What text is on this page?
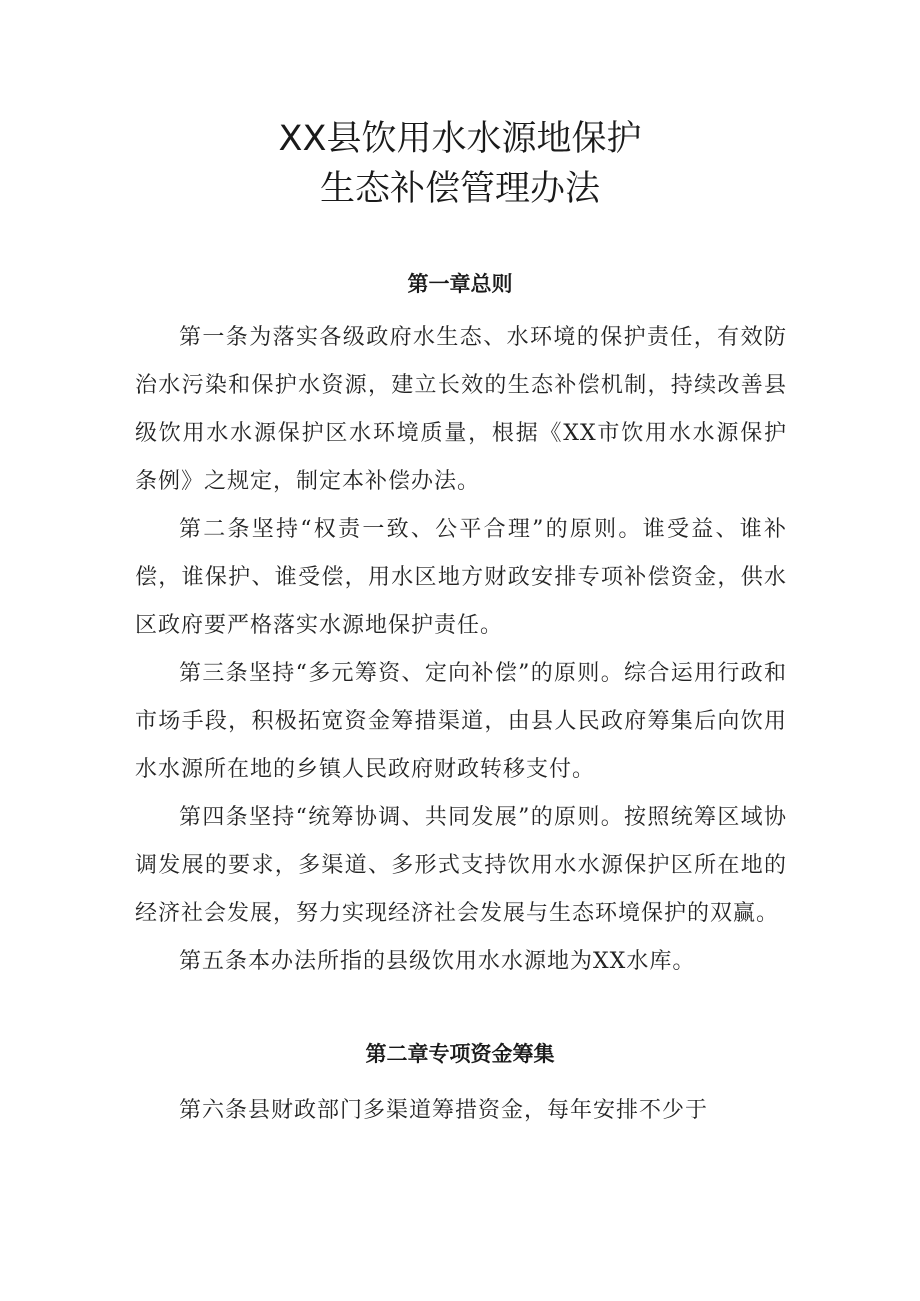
XX县饮用水水源地保护
生态补偿管理办法
第一章总则

第一条为落实各级政府水生态、水环境的保护责任，有效防治水污染和保护水资源，建立长效的生态补偿机制，持续改善县级饮用水水源保护区水环境质量，根据《XX市饮用水水源保护条例》之规定，制定本补偿办法。

第二条坚持“权责一致、公平合理”的原则。谁受益、谁补偿，谁保护、谁受偿，用水区地方财政安排专项补偿资金，供水区政府要严格落实水源地保护责任。

第三条坚持“多元筹资、定向补偿”的原则。综合运用行政和市场手段，积极拓宽资金筹措渠道，由县人民政府筹集后向饮用水水源所在地的乡镇人民政府财政转移支付。

第四条坚持“统筹协调、共同发展”的原则。按照统筹区域协调发展的要求，多渠道、多形式支持饮用水水源保护区所在地的经济社会发展，努力实现经济社会发展与生态环境保护的双赢。

第五条本办法所指的县级饮用水水源地为XX水库。

第二章专项资金筹集

第六条县财政部门多渠道筹措资金，每年安排不少于
